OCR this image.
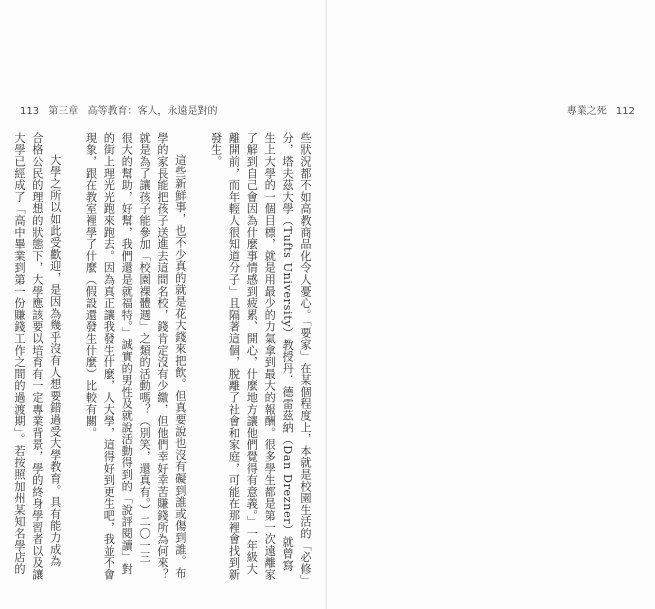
113 第三章 高等教育：客人，永遠是對的
些狀況都不如高教商品化令人憂心。「要家」在某個程度上，本就是校園生活的「必修」
分，塔夫茲大學（Tufts University）教授丹．德雷茲納（Dan Drezner）就曾寫
生上大學的一個目標，就是用最少的力氣拿到最大的報酬。很多學生都是第一次遠離家
了解到自己會因為什麼事情感到疲累、開心，什麼地方讓他們覺得有意義。」一年級大
離開前，而年輕人很知道分子」且隔著這個，脫離了社會和家庭，可能在那裡會找到新
發生。
這些新鮮事，也不少真的就是花大錢來把飲。但真要說也沒有礙到誰或傷到誰。布
學的家長能把孩子送進去這間名校，錢肯定沒有少繳，但他們幸好幸苦賺錢所為何來？
就是為了讓孩子能參加「校園裸體週」之類的活動嗎？（別笑，還真有。）二〇一三
很大的幫助，好幫，我們還是就福特。」誠實的男性及就說活動得到的「說評閱讀」對
的街上理光光跑來跑去。因為真正讓我發生什麼，人大學，這得好到更生吧，我並不會
現象，跟在教室裡學了什麼（假設還發生什麼）比較有關。
大學之所以如此受歡迎，是因為幾乎沒有人想要錯過受大學教育。具有能力成為
合格公民的理想的狀態下，大學應該要以培育有一定專業背景，學的終身學習者以及讓
大學已經成了「高中畢業到第一份賺錢工作之間的過渡期」。若按照加州某知名學店的
專業之死 112
